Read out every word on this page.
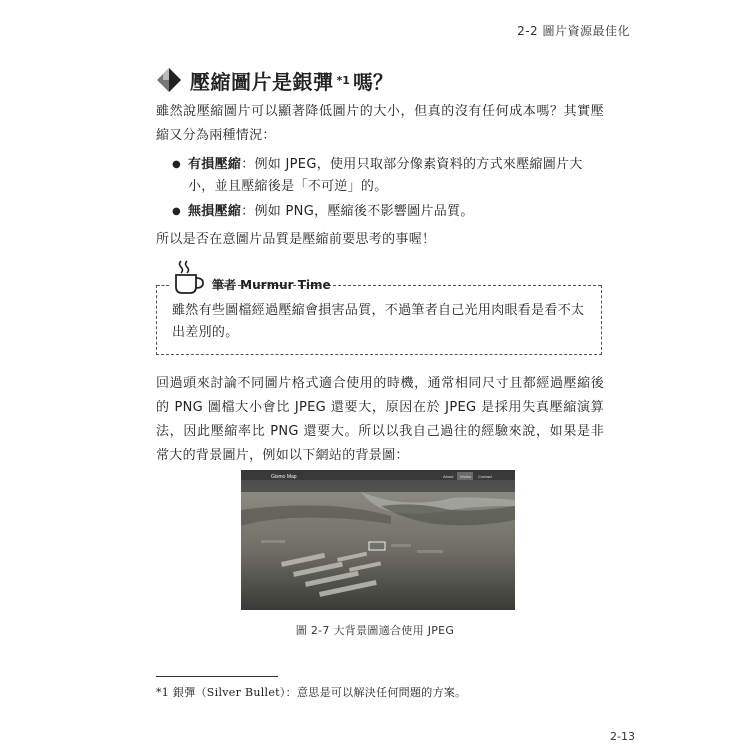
2-2 圖片資源最佳化
壓縮圖片是銀彈 *1 嗎？

雖然說壓縮圖片可以顯著降低圖片的大小，但真的沒有任何成本嗎？其實壓縮又分為兩種情況：

● 有損壓縮：例如 JPEG，使用只取部分像素資料的方式來壓縮圖片大小，並且壓縮後是「不可逆」的。
● 無損壓縮：例如 PNG，壓縮後不影響圖片品質。

所以是否在意圖片品質是壓縮前要思考的事喔！

筆者 Murmur Time

雖然有些圖檔經過壓縮會損害品質，不過筆者自己光用肉眼看是看不太出差別的。

回過頭來討論不同圖片格式適合使用的時機，通常相同尺寸且都經過壓縮後的 PNG 圖檔大小會比 JPEG 還要大，原因在於 JPEG 是採用失真壓縮演算法，因此壓縮率比 PNG 還要大。所以以我自己過往的經驗來說，如果是非常大的背景圖片，例如以下網站的背景圖：

Gismo Map	About Works Contact
圖 2-7 大背景圖適合使用 JPEG
*1 銀彈（Silver Bullet）：意思是可以解決任何問題的方案。
2-13
